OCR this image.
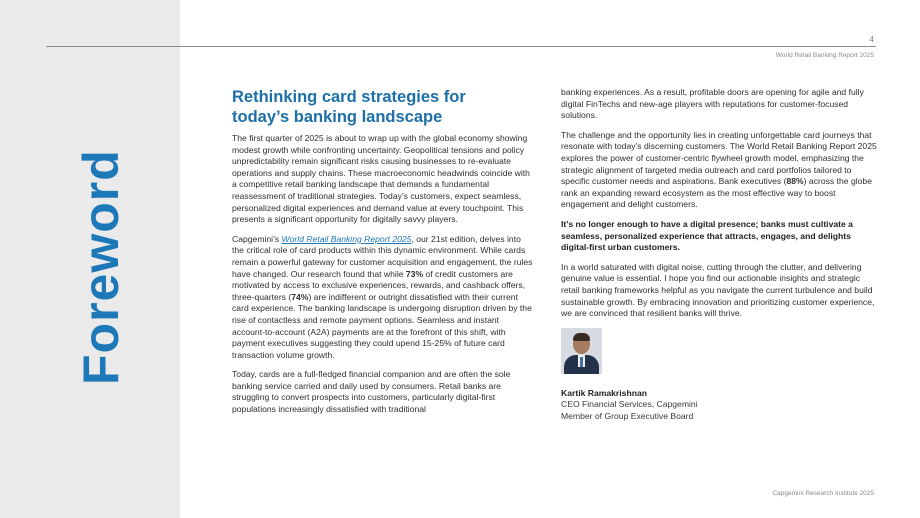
Foreword
4
World Retail Banking Report 2025
Rethinking card strategies for today’s banking landscape

The first quarter of 2025 is about to wrap up with the global economy showing modest growth while confronting uncertainty. Geopolitical tensions and policy unpredictability remain significant risks causing businesses to re-evaluate operations and supply chains. These macroeconomic headwinds coincide with a competitive retail banking landscape that demands a fundamental reassessment of traditional strategies. Today’s customers, expect seamless, personalized digital experiences and demand value at every touchpoint. This presents a significant opportunity for digitally savvy players.

Capgemini’s World Retail Banking Report 2025, our 21st edition, delves into the critical role of card products within this dynamic environment. While cards remain a powerful gateway for customer acquisition and engagement, the rules have changed. Our research found that while 73% of credit customers are motivated by access to exclusive experiences, rewards, and cashback offers, three-quarters (74%) are indifferent or outright dissatisfied with their current card experience. The banking landscape is undergoing disruption driven by the rise of contactless and remote payment options. Seamless and instant account-to-account (A2A) payments are at the forefront of this shift, with payment executives suggesting they could upend 15-25% of future card transaction volume growth.

Today, cards are a full-fledged financial companion and are often the sole banking service carried and daily used by consumers. Retail banks are struggling to convert prospects into customers, particularly digital-first populations increasingly dissatisfied with traditional

banking experiences. As a result, profitable doors are opening for agile and fully digital FinTechs and new-age players with reputations for customer-focused solutions.

The challenge and the opportunity lies in creating unforgettable card journeys that resonate with today’s discerning customers. The World Retail Banking Report 2025 explores the power of customer-centric flywheel growth model, emphasizing the strategic alignment of targeted media outreach and card portfolios tailored to specific customer needs and aspirations. Bank executives (88%) across the globe rank an expanding reward ecosystem as the most effective way to boost engagement and delight customers.

It’s no longer enough to have a digital presence; banks must cultivate a seamless, personalized experience that attracts, engages, and delights digital-first urban customers.

In a world saturated with digital noise, cutting through the clutter, and delivering genuine value is essential. I hope you find our actionable insights and strategic retail banking frameworks helpful as you navigate the current turbulence and build sustainable growth. By embracing innovation and prioritizing customer experience, we are convinced that resilient banks will thrive.

Kartik Ramakrishnan
CEO Financial Services, Capgemini
Member of Group Executive Board
Capgemini Research Institute 2025
